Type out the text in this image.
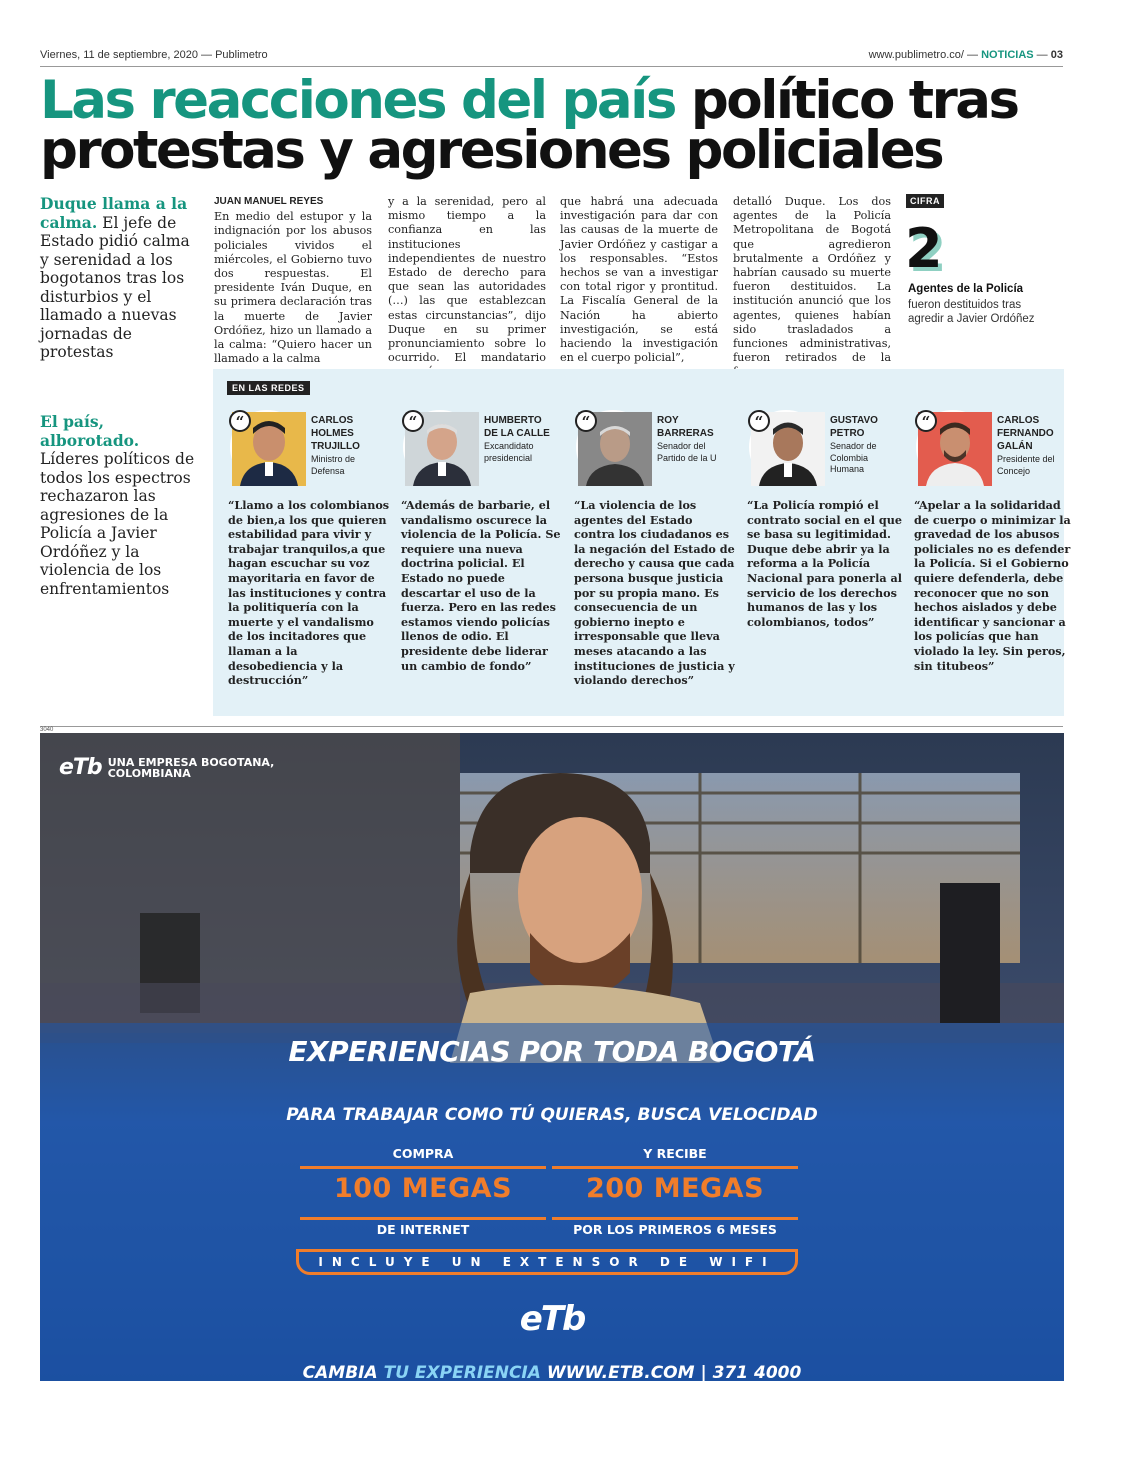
Viernes, 11 de septiembre, 2020 — Publimetro	www.publimetro.co/ — NOTICIAS — 03
Las reacciones del país político tras protestas y agresiones policiales
Duque llama a la calma. El jefe de Estado pidió calma y serenidad a los bogotanos tras los disturbios y el llamado a nuevas jornadas de protestas
El país, alborotado. Líderes políticos de todos los espectros rechazaron las agresiones de la Policía a Javier Ordóñez y la violencia de los enfrentamientos
JUAN MANUEL REYES
En medio del estupor y la indignación por los abusos policiales vividos el miércoles, el Gobierno tuvo dos respuestas. El presidente Iván Duque, en su primera declaración tras la muerte de Javier Ordóñez, hizo un llamado a la calma: “Quiero hacer un llamado a la calma
y a la serenidad, pero al mismo tiempo a la confianza en las instituciones independientes de nuestro Estado de derecho para que sean las autoridades (…) las que establezcan estas circunstancias”, dijo Duque en su primer pronunciamiento sobre lo ocurrido. El mandatario
que habrá una adecuada investigación para dar con las causas de la muerte de Javier Ordóñez y castigar a los responsables. “Estos hechos se van a investigar con total rigor y prontitud. La Fiscalía General de la Nación ha abierto investigación, se está haciendo la investigación en el cuerpo policial”,
detalló Duque. Los dos agentes de la Policía Metropolitana de Bogotá que agredieron brutalmente a Ordóñez y habrían causado su muerte fueron destituidos. La institución anunció que los agentes, quienes habían sido trasladados a funciones administrativas, fueron retirados de la
CIFRA
2
Agentes de la Policía
fueron destituidos tras agredir a Javier Ordóñez
EN LAS REDES
“	CARLOS HOLMES TRUJILLO
Ministro de Defensa
“Llamo a los colombianos de bien,a los que quieren estabilidad para vivir y trabajar tranquilos,a que hagan escuchar su voz mayoritaria en favor de las instituciones y contra la politiquería con la muerte y el vandalismo de los incitadores que llaman a la desobediencia y la destrucción”
“	HUMBERTO DE LA CALLE
Excandidato presidencial
“Además de barbarie, el vandalismo oscurece la violencia de la Policía. Se requiere una nueva doctrina policial. El Estado no puede descartar el uso de la fuerza. Pero en las redes estamos viendo policías llenos de odio. El presidente debe liderar un cambio de fondo”
“	ROY BARRERAS
Senador del Partido de la U
“La violencia de los agentes del Estado contra los ciudadanos es la negación del Estado de derecho y causa que cada persona busque justicia por su propia mano. Es consecuencia de un gobierno inepto e irresponsable que lleva meses atacando a las instituciones de justicia y violando derechos”
“	GUSTAVO PETRO
Senador de Colombia Humana
“La Policía rompió el contrato social en el que se basa su legitimidad. Duque debe abrir ya la reforma a la Policía Nacional para ponerla al servicio de los derechos humanos de las y los colombianos, todos”
“	CARLOS FERNANDO GALÁN
Presidente del Concejo
“Apelar a la solidaridad de cuerpo o minimizar la gravedad de los abusos policiales no es defender la Policía. Si el Gobierno quiere defenderla, debe reconocer que no son hechos aislados y debe identificar y sancionar a los policías que han violado la ley. Sin peros, sin titubeos”
3040
eTb UNA EMPRESA BOGOTANA, COLOMBIANA
EXPERIENCIAS POR TODA BOGOTÁ
PARA TRABAJAR COMO TÚ QUIERAS, BUSCA VELOCIDAD
COMPRA	Y RECIBE
100 MEGAS	200 MEGAS
DE INTERNET	POR LOS PRIMEROS 6 MESES
INCLUYE UN EXTENSOR DE WIFI
eTb
CAMBIA TU EXPERIENCIA WWW.ETB.COM | 371 4000
Oferta válida del 1 de septiembre al 15 de septiembre de 2020. Las experiencias en toda Bogotá están sujetas al despliegue de red de fibra en los servicios fijos y cobertura de servicios móviles. Aplican TyC en infoetb.com/fibrahsepv220
